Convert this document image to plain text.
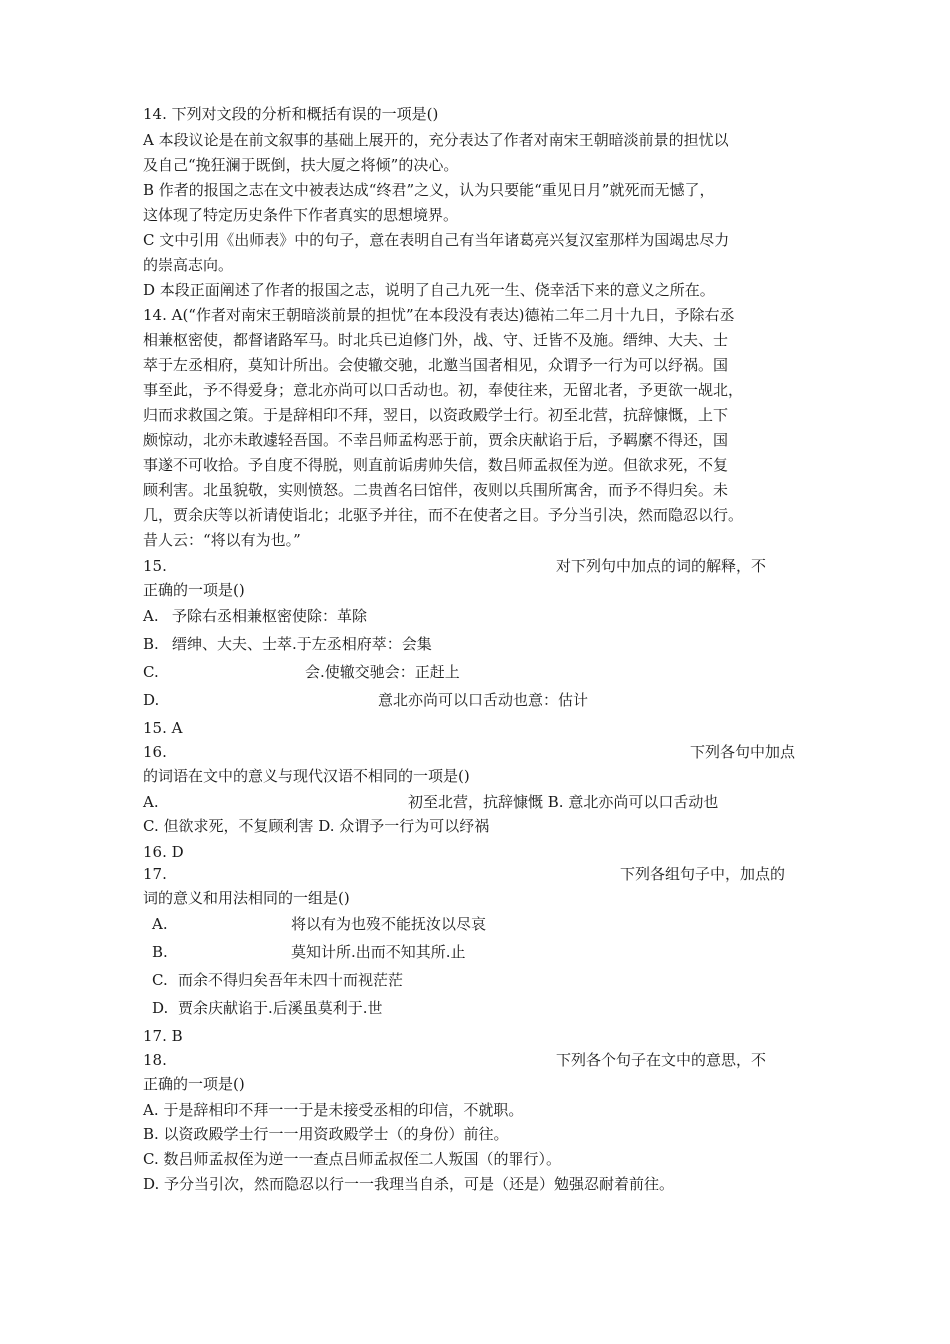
14. 下列对文段的分析和概括有误的一项是()
A 本段议论是在前文叙事的基础上展开的，充分表达了作者对南宋王朝暗淡前景的担忧以
及自己“挽狂澜于既倒，扶大厦之将倾”的决心。
B 作者的报国之志在文中被表达成“终君”之义，认为只要能“重见日月”就死而无憾了，
这体现了特定历史条件下作者真实的思想境界。
C 文中引用《出师表》中的句子，意在表明自己有当年诸葛亮兴复汉室那样为国竭忠尽力
的崇高志向。
D 本段正面阐述了作者的报国之志，说明了自己九死一生、侥幸活下来的意义之所在。
14. A(“作者对南宋王朝暗淡前景的担忧”在本段没有表达)德祐二年二月十九日，予除右丞
相兼枢密使，都督诸路军马。时北兵已迫修门外，战、守、迁皆不及施。缙绅、大夫、士
萃于左丞相府，莫知计所出。会使辙交驰，北邀当国者相见，众谓予一行为可以纾祸。国
事至此，予不得爱身；意北亦尚可以口舌动也。初，奉使往来，无留北者，予更欲一觇北，
归而求救国之策。于是辞相印不拜，翌日，以资政殿学士行。初至北营，抗辞慷慨，上下
颇惊动，北亦未敢遽轻吾国。不幸吕师孟构恶于前，贾余庆献谄于后，予羁縻不得还，国
事遂不可收拾。予自度不得脱，则直前诟虏帅失信，数吕师孟叔侄为逆。但欲求死，不复
顾利害。北虽貌敬，实则愤怒。二贵酋名曰馆伴，夜则以兵围所寓舍，而予不得归矣。未
几，贾余庆等以祈请使诣北；北驱予并往，而不在使者之目。予分当引决，然而隐忍以行。
昔人云：“将以有为也。”
15.	对下列句中加点的词的解释，不
正确的一项是()
A. 予除右丞相兼枢密使除：革除
B. 缙绅、大夫、士萃.于左丞相府萃：会集
C.	会.使辙交驰会：正赶上
D.	意北亦尚可以口舌动也意：估计
15. A
16.	下列各句中加点
的词语在文中的意义与现代汉语不相同的一项是()
A.	初至北营，抗辞慷慨 B. 意北亦尚可以口舌动也
C. 但欲求死，不复顾利害 D. 众谓予一行为可以纾祸
16. D
17.	下列各组句子中，加点的
词的意义和用法相同的一组是()
A.	将以有为也歿不能抚汝以尽哀
B.	莫知计所.出而不知其所.止
C. 而余不得归矣吾年未四十而视茫茫
D. 贾余庆献谄于.后溪虽莫利于.世
17. B
18.	下列各个句子在文中的意思，不
正确的一项是()
A. 于是辞相印不拜一一于是未接受丞相的印信，不就职。
B. 以资政殿学士行一一用资政殿学士（的身份）前往。
C. 数吕师孟叔侄为逆一一查点吕师孟叔侄二人叛国（的罪行）。
D. 予分当引次，然而隐忍以行一一我理当自杀，可是（还是）勉强忍耐着前往。
